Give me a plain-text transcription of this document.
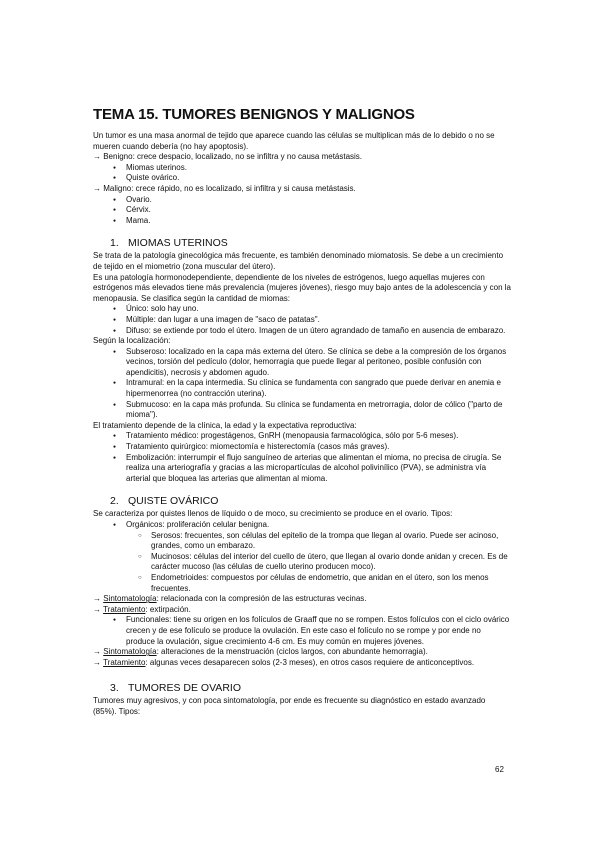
TEMA 15. TUMORES BENIGNOS Y MALIGNOS

Un tumor es una masa anormal de tejido que aparece cuando las células se multiplican más de lo debido o no se mueren cuando debería (no hay apoptosis).

→ Benigno: crece despacio, localizado, no se infiltra y no causa metástasis.

● Miomas uterinos.
● Quiste ovárico.

→ Maligno: crece rápido, no es localizado, si infiltra y si causa metástasis.

● Ovario.
● Cérvix.
● Mama.

1. MIOMAS UTERINOS

Se trata de la patología ginecológica más frecuente, es también denominado miomatosis. Se debe a un crecimiento de tejido en el miometrio (zona muscular del útero).

Es una patología hormonodependiente, dependiente de los niveles de estrógenos, luego aquellas mujeres con estrógenos más elevados tiene más prevalencia (mujeres jóvenes), riesgo muy bajo antes de la adolescencia y con la menopausia. Se clasifica según la cantidad de miomas:

● Único: solo hay uno.
● Múltiple: dan lugar a una imagen de "saco de patatas".
● Difuso: se extiende por todo el útero. Imagen de un útero agrandado de tamaño en ausencia de embarazo.

Según la localización:

● Subseroso: localizado en la capa más externa del útero. Se clínica se debe a la compresión de los órganos vecinos, torsión del pedículo (dolor, hemorragia que puede llegar al peritoneo, posible confusión con apendicitis), necrosis y abdomen agudo.
● Intramural: en la capa intermedia. Su clínica se fundamenta con sangrado que puede derivar en anemia e hipermenorrea (no contracción uterina).
● Submucoso: en la capa más profunda. Su clínica se fundamenta en metrorragia, dolor de cólico ("parto de mioma").

El tratamiento depende de la clínica, la edad y la expectativa reproductiva:

● Tratamiento médico: progestágenos, GnRH (menopausia farmacológica, sólo por 5-6 meses).
● Tratamiento quirúrgico: miomectomía e histerectomía (casos más graves).
● Embolización: interrumpir el flujo sanguíneo de arterias que alimentan el mioma, no precisa de cirugía. Se realiza una arteriografía y gracias a las micropartículas de alcohol polivinílico (PVA), se administra vía arterial que bloquea las arterias que alimentan al mioma.

2. QUISTE OVÁRICO

Se caracteriza por quistes llenos de líquido o de moco, su crecimiento se produce en el ovario. Tipos:

● Orgánicos: proliferación celular benigna.
○ Serosos: frecuentes, son células del epitelio de la trompa que llegan al ovario. Puede ser acinoso, grandes, como un embarazo.
○ Mucinosos: células del interior del cuello de útero, que llegan al ovario donde anidan y crecen. Es de carácter mucoso (las células de cuello uterino producen moco).
○ Endometrioides: compuestos por células de endometrio, que anidan en el útero, son los menos frecuentes.

→ Sintomatología: relacionada con la compresión de las estructuras vecinas.

→ Tratamiento: extirpación.

● Funcionales: tiene su origen en los folículos de Graaff que no se rompen. Estos folículos con el ciclo ovárico crecen y de ese folículo se produce la ovulación. En este caso el folículo no se rompe y por ende no produce la ovulación, sigue crecimiento 4-6 cm. Es muy común en mujeres jóvenes.

→ Sintomatología: alteraciones de la menstruación (ciclos largos, con abundante hemorragia).

→ Tratamiento: algunas veces desaparecen solos (2-3 meses), en otros casos requiere de anticonceptivos.

3. TUMORES DE OVARIO

Tumores muy agresivos, y con poca sintomatología, por ende es frecuente su diagnóstico en estado avanzado (85%). Tipos:

62
